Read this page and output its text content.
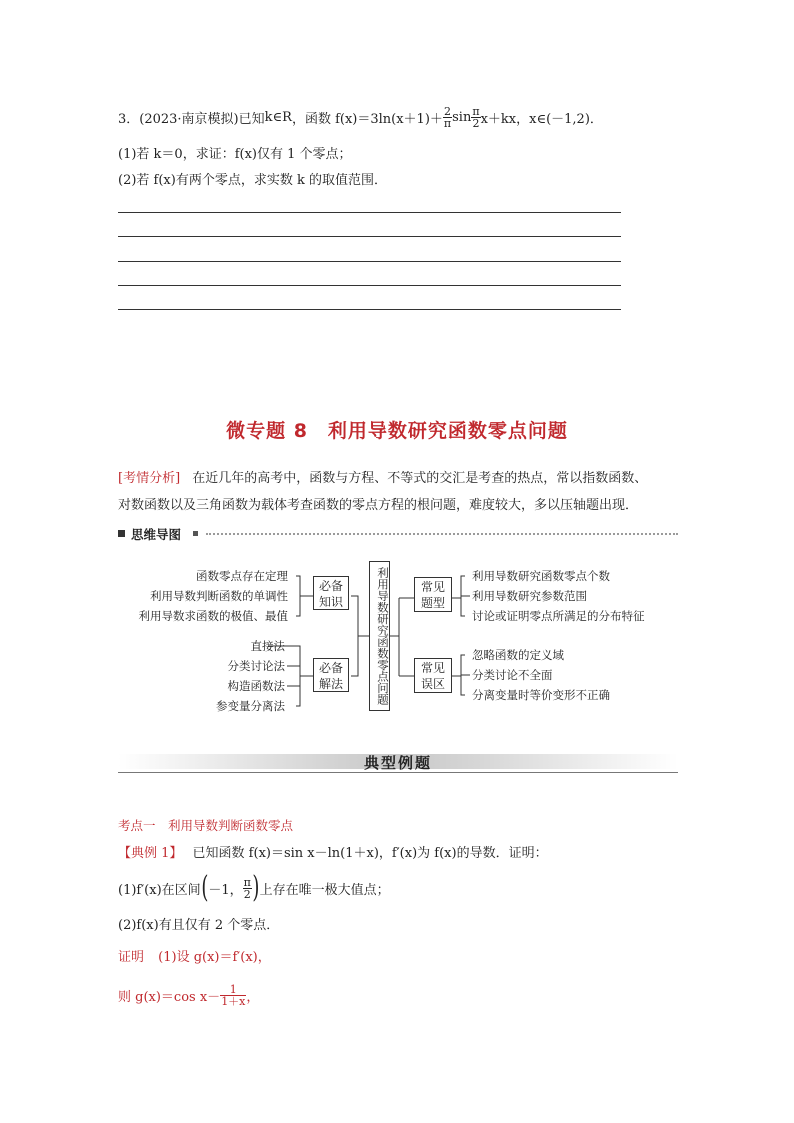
3．(2023·南京模拟)已知 k∈R ，函数 $f(x)=3\ln(x+1)+ \frac{2}{\pi}$ $\sin \frac{\pi}{2} x+kx$，x∈(－1,2)．
(1)若 k＝0，求证：f(x)仅有 1 个零点；
(2)若 f(x)有两个零点，求实数 k 的取值范围．
微专题 8　利用导数研究函数零点问题
[考情分析] 在近几年的高考中，函数与方程、不等式的交汇是考查的热点，常以指数函数、
对数函数以及三角函数为载体考查函数的零点方程的根问题，难度较大，多以压轴题出现．
思维导图
函数零点存在定理
利用导数判断函数的单调性
利用导数求函数的极值、最值
直接法
分类讨论法
构造函数法
参变量分离法
必备知识
必备解法	利用导数研究函数零点问题	常见题型
常见误区
利用导数研究函数零点个数
利用导数研究参数范围
讨论或证明零点所满足的分布特征
忽略函数的定义域
分类讨论不全面
分离变量时等价变形不正确
典型例题
考点一　利用导数判断函数零点
【典例 1】 已知函数 f(x)＝sin x－ln(1＋x)，f′(x)为 f(x)的导数．证明：
(1)f′(x)在区间 ( －1， $\frac{\pi}{2}$ ) 上存在唯一极大值点；
(2)f(x)有且仅有 2 个零点．
证明 (1)设 g(x)＝f′(x)，
则 g(x)＝cos $x- \frac{1}{1+x}$ ，
